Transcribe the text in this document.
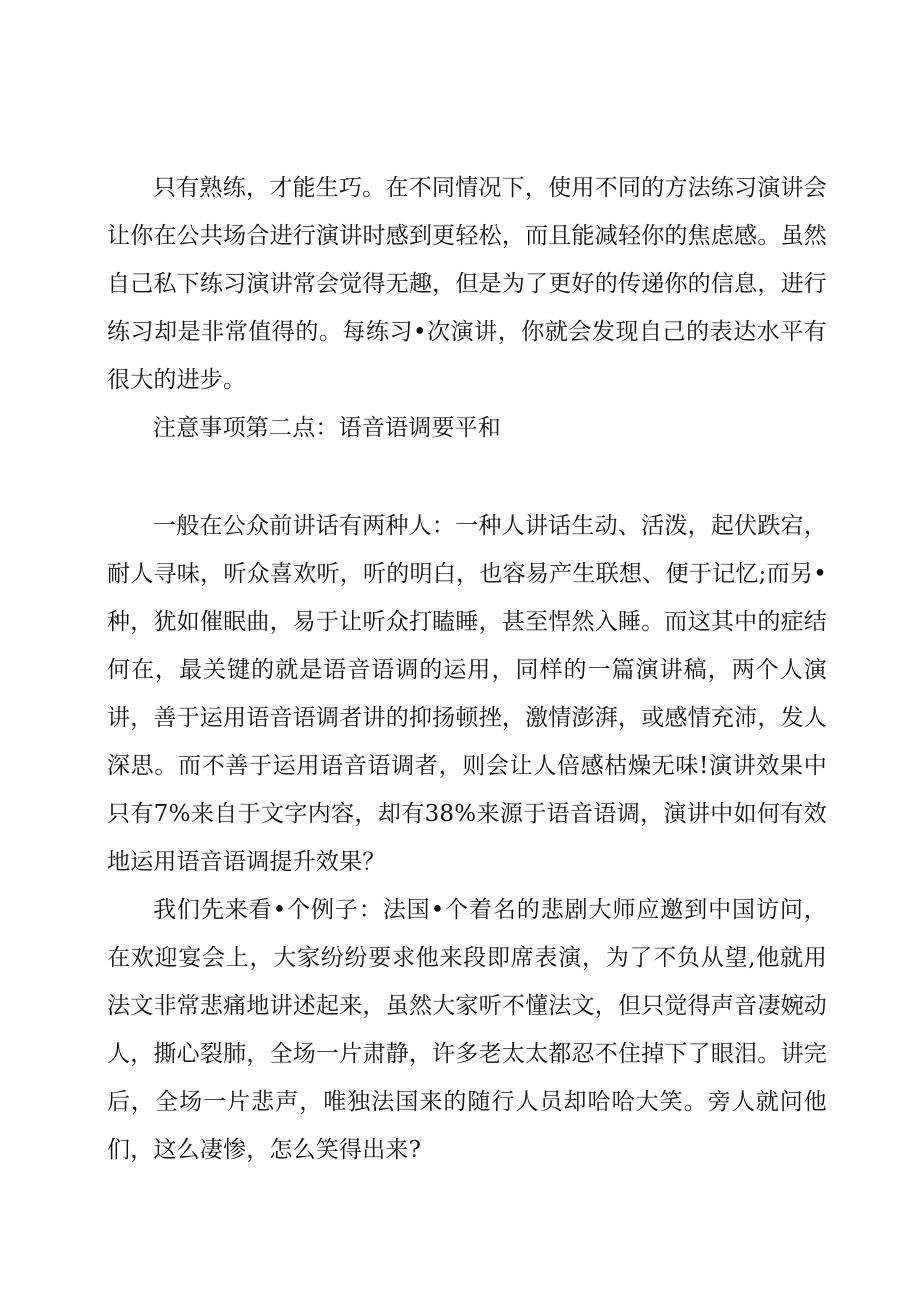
只有熟练，才能生巧。在不同情况下，使用不同的方法练习演讲会让你在公共场合进行演讲时感到更轻松，而且能减轻你的焦虑感。虽然自己私下练习演讲常会觉得无趣，但是为了更好的传递你的信息，进行练习却是非常值得的。每练习•次演讲，你就会发现自己的表达水平有很大的进步。

注意事项第二点：语音语调要平和

一般在公众前讲话有两种人：一种人讲话生动、活泼，起伏跌宕，耐人寻味，听众喜欢听，听的明白，也容易产生联想、便于记忆;而另•种，犹如催眠曲，易于让听众打瞌睡，甚至悍然入睡。而这其中的症结何在，最关键的就是语音语调的运用，同样的一篇演讲稿，两个人演讲，善于运用语音语调者讲的抑扬顿挫，激情澎湃，或感情充沛，发人深思。而不善于运用语音语调者，则会让人倍感枯燥无味!演讲效果中只有7%来自于文字内容，却有38%来源于语音语调，演讲中如何有效地运用语音语调提升效果？

我们先来看•个例子：法国•个着名的悲剧大师应邀到中国访问，在欢迎宴会上，大家纷纷要求他来段即席表演，为了不负从望,他就用法文非常悲痛地讲述起来，虽然大家听不懂法文，但只觉得声音凄婉动人，撕心裂肺，全场一片肃静，许多老太太都忍不住掉下了眼泪。讲完后，全场一片悲声，唯独法国来的随行人员却哈哈大笑。旁人就问他们，这么凄惨，怎么笑得出来?
